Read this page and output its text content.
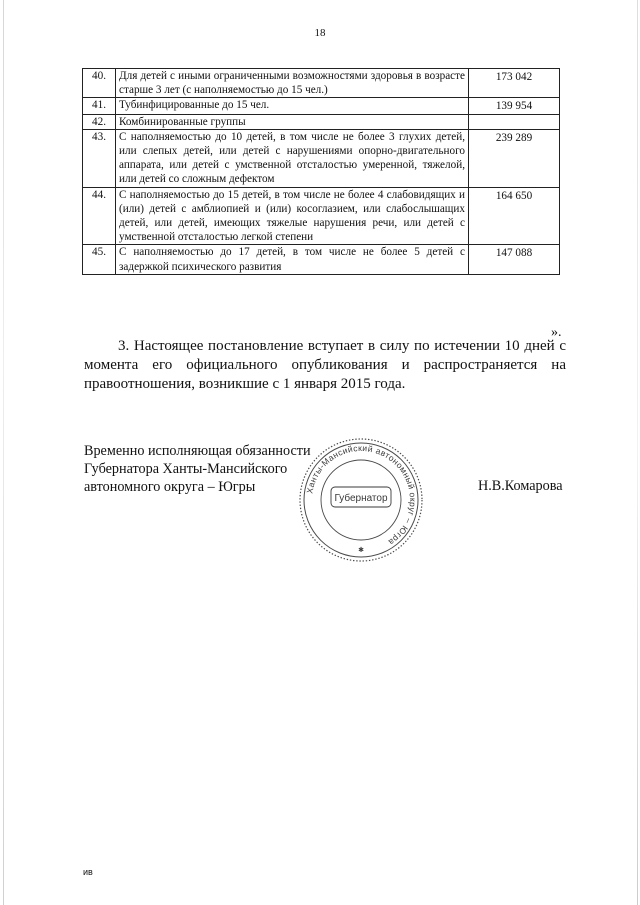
18
40.	Для детей с иными ограниченными возможностями здоровья в возрасте старше 3 лет (с наполняемостью до 15 чел.)	173 042
41.	Тубинфицированные до 15 чел.	139 954
42.	Комбинированные группы	
43.	С наполняемостью до 10 детей, в том числе не более 3 глухих детей, или слепых детей, или детей с нарушениями опорно-двигательного аппарата, или детей с умственной отсталостью умеренной, тяжелой, или детей со сложным дефектом	239 289
44.	С наполняемостью до 15 детей, в том числе не более 4 слабовидящих и (или) детей с амблиопией и (или) косоглазием, или слабослышащих детей, или детей, имеющих тяжелые нарушения речи, или детей с умственной отсталостью легкой степени	164 650
45.	С наполняемостью до 17 детей, в том числе не более 5 детей с задержкой психического развития	147 088
».
3. Настоящее постановление вступает в силу по истечении 10 дней с момента его официального опубликования и распространяется на правоотношения, возникшие с 1 января 2015 года.
Временно исполняющая обязанности
Губернатора Ханты-Мансийского
автономного округа – Югры	Н.В.Комарова
Ханты-Мансийский автономный округ – Югра
Губернатор
✱
ив
